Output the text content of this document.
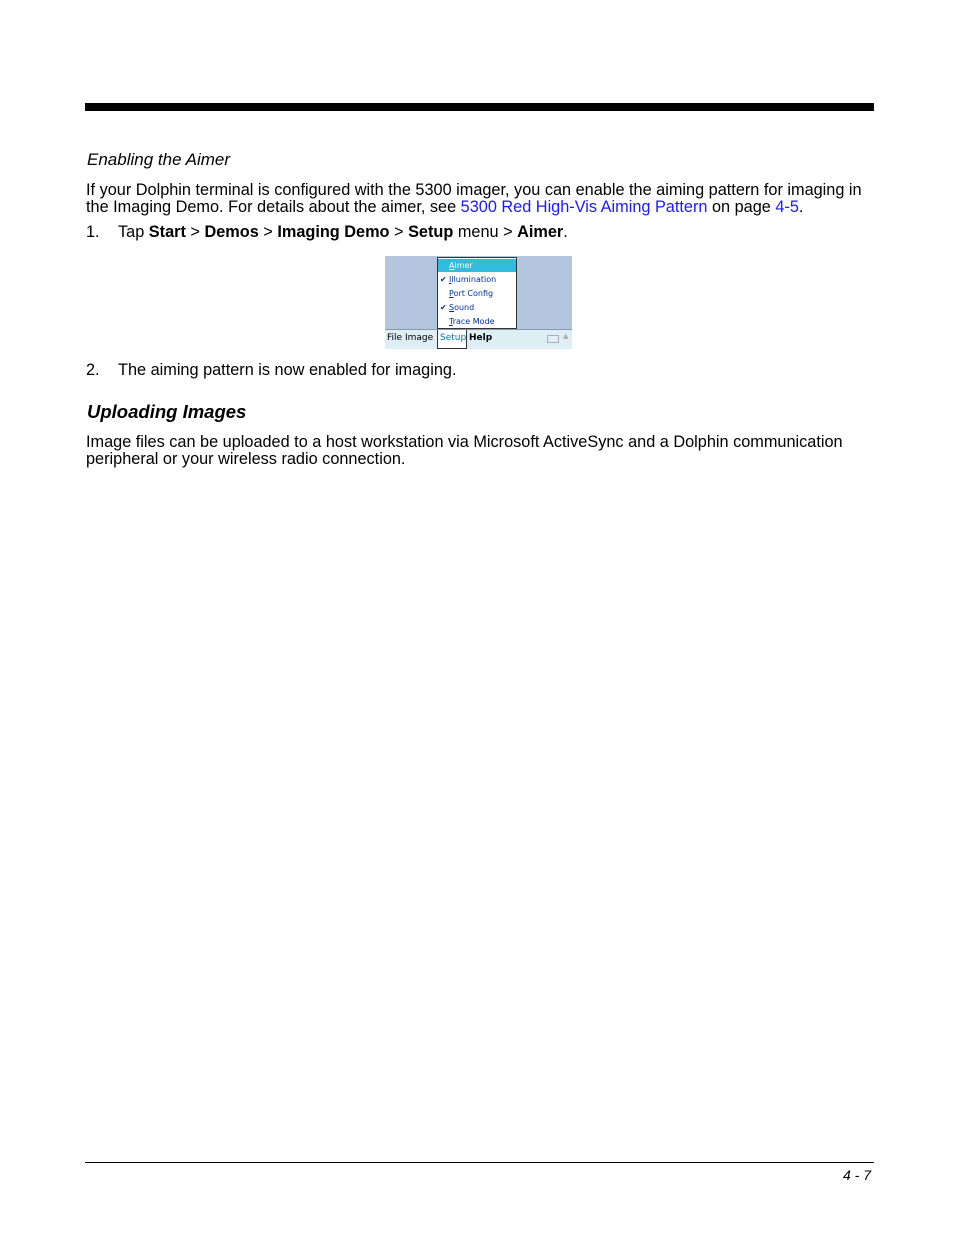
Enabling the Aimer
If your Dolphin terminal is configured with the 5300 imager, you can enable the aiming pattern for imaging in the Imaging Demo. For details about the aimer, see 5300 Red High-Vis Aiming Pattern on page 4-5.
1. Tap Start > Demos > Imaging Demo > Setup menu > Aimer.
Aimer
✔ Illumination
Port Config
✔ Sound
Trace Mode
File Image Setup Help	▲
2. The aiming pattern is now enabled for imaging.
Uploading Images
Image files can be uploaded to a host workstation via Microsoft ActiveSync and a Dolphin communication peripheral or your wireless radio connection.
4 - 7
